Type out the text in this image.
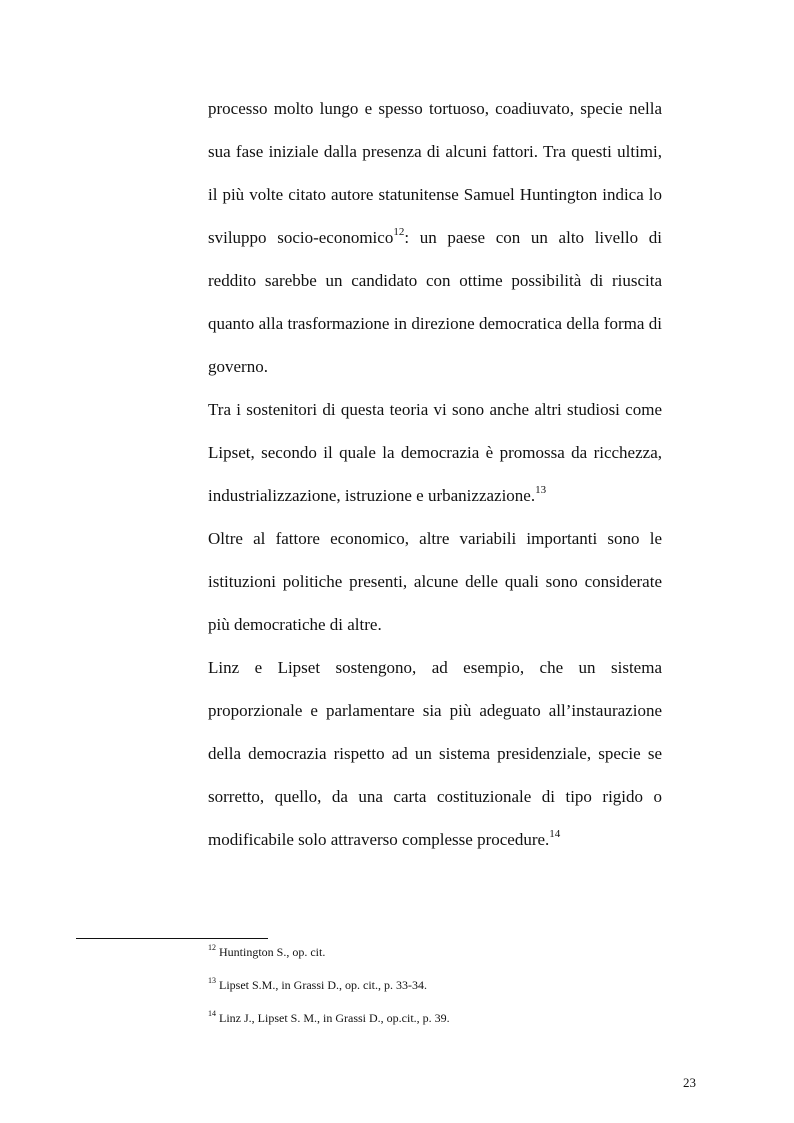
processo molto lungo e spesso tortuoso, coadiuvato, specie nella sua fase iniziale dalla presenza di alcuni fattori. Tra questi ultimi, il più volte citato autore statunitense Samuel Huntington indica lo sviluppo socio-economico$^{12}$: un paese con un alto livello di reddito sarebbe un candidato con ottime possibilità di riuscita quanto alla trasformazione in direzione democratica della forma di governo.

Tra i sostenitori di questa teoria vi sono anche altri studiosi come Lipset, secondo il quale la democrazia è promossa da ricchezza, industrializzazione, istruzione e urbanizzazione.$^{13}$

Oltre al fattore economico, altre variabili importanti sono le istituzioni politiche presenti, alcune delle quali sono considerate più democratiche di altre.

Linz e Lipset sostengono, ad esempio, che un sistema proporzionale e parlamentare sia più adeguato all’instaurazione della democrazia rispetto ad un sistema presidenziale, specie se sorretto, quello, da una carta costituzionale di tipo rigido o modificabile solo attraverso complesse procedure.$^{14}$

$^{12}$ Huntington S., op. cit.

$^{13}$ Lipset S.M., in Grassi D., op. cit., p. 33-34.

$^{14}$ Linz J., Lipset S. M., in Grassi D., op.cit., p. 39.

23
